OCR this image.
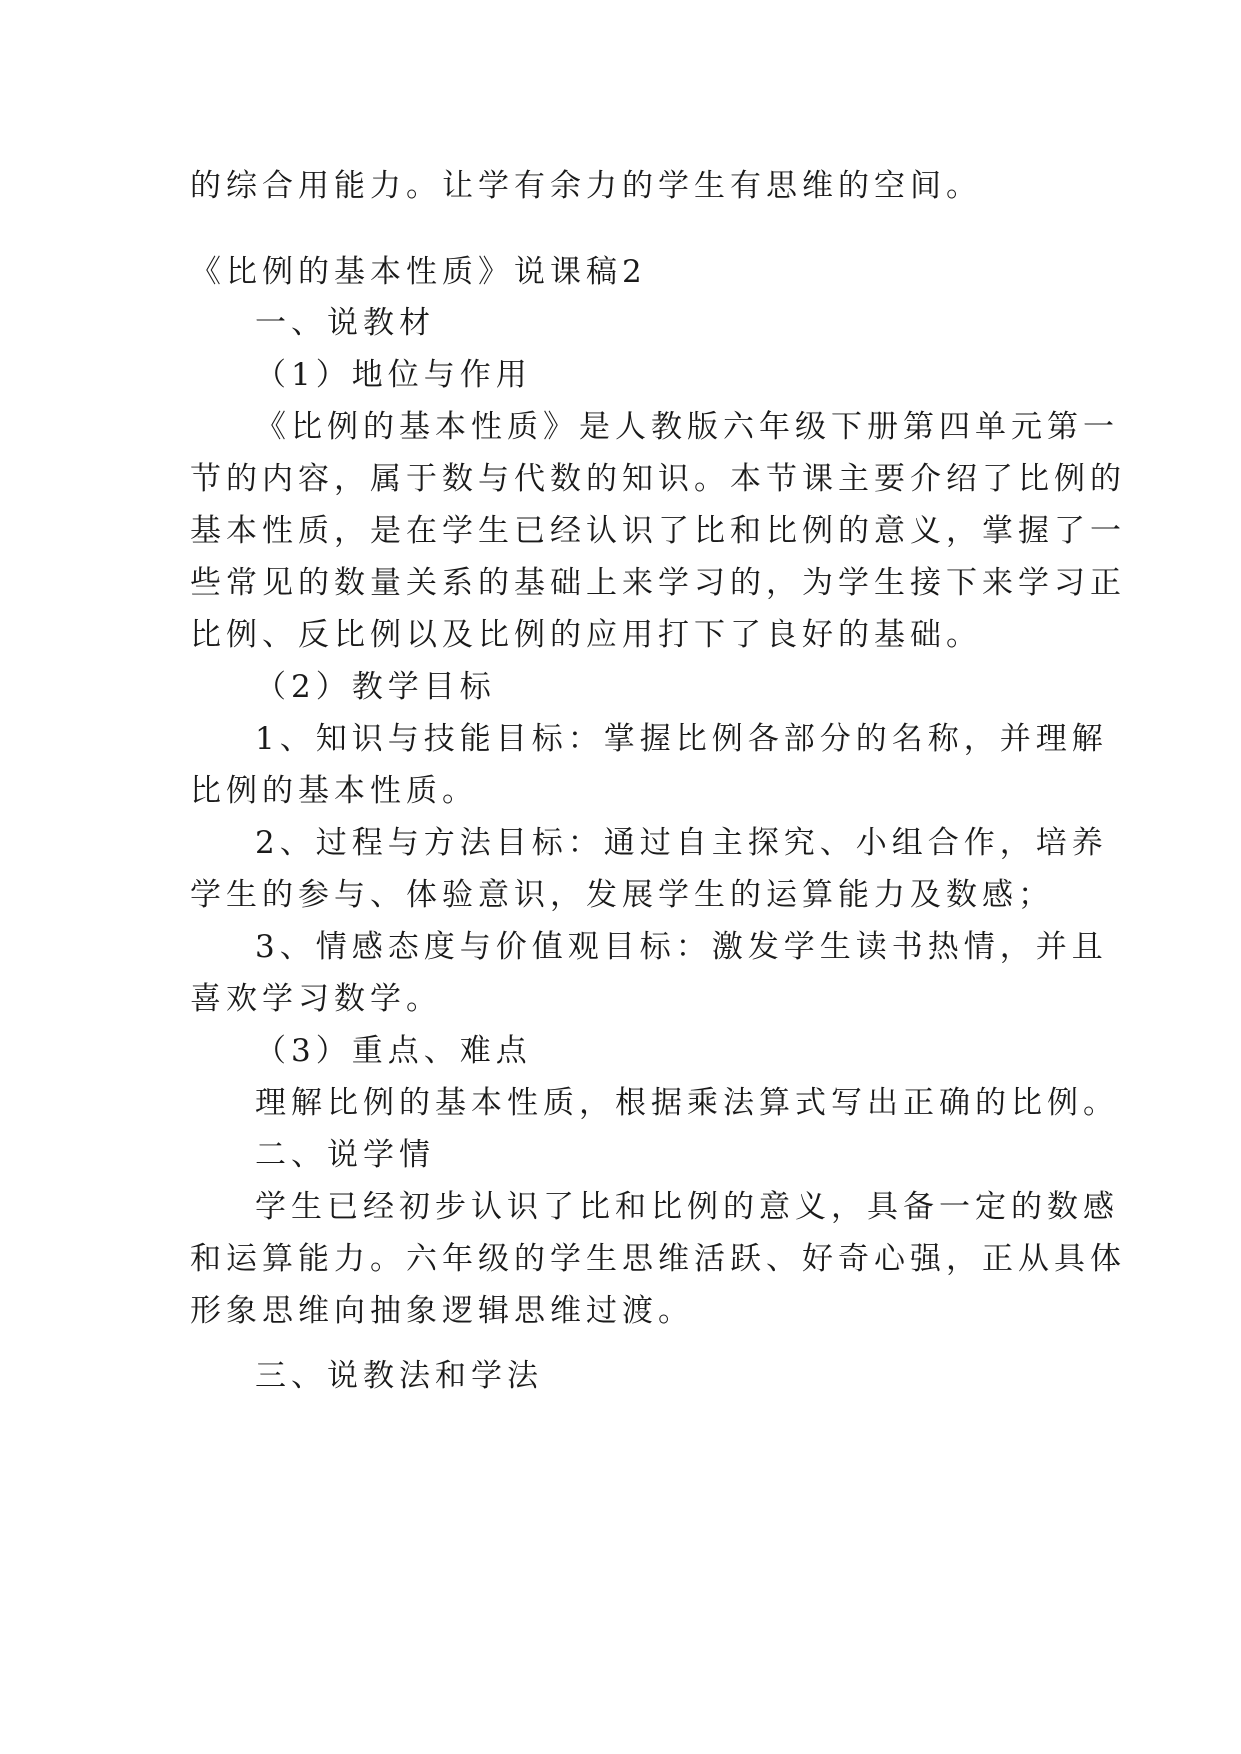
的综合用能力。让学有余力的学生有思维的空间。

《比例的基本性质》说课稿2

一、说教材

（1）地位与作用

《比例的基本性质》是人教版六年级下册第四单元第一

节的内容，属于数与代数的知识。本节课主要介绍了比例的

基本性质，是在学生已经认识了比和比例的意义，掌握了一

些常见的数量关系的基础上来学习的，为学生接下来学习正

比例、反比例以及比例的应用打下了良好的基础。

（2）教学目标

1、知识与技能目标：掌握比例各部分的名称，并理解

比例的基本性质。

2、过程与方法目标：通过自主探究、小组合作，培养

学生的参与、体验意识，发展学生的运算能力及数感；

3、情感态度与价值观目标：激发学生读书热情，并且

喜欢学习数学。

（3）重点、难点

理解比例的基本性质，根据乘法算式写出正确的比例。

二、说学情

学生已经初步认识了比和比例的意义，具备一定的数感

和运算能力。六年级的学生思维活跃、好奇心强，正从具体

形象思维向抽象逻辑思维过渡。

三、说教法和学法
